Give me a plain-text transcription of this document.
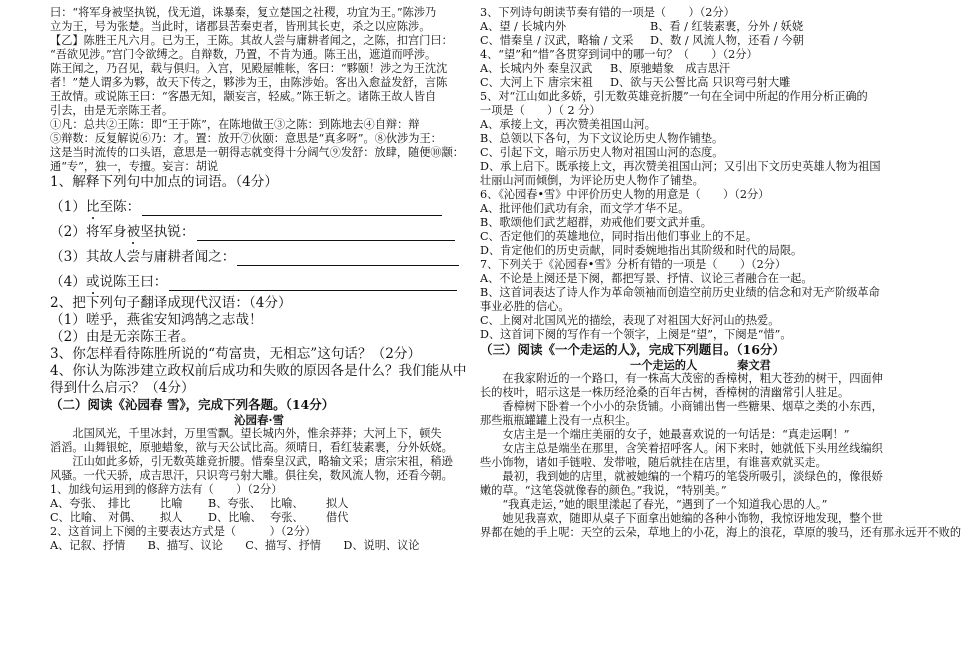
曰：“将军身被坚执锐，伐无道，诛暴秦，复立楚国之社稷，功宜为王。”陈涉乃
立为王，号为张楚。当此时，诸郡县苦秦吏者，皆刑其长吏，杀之以应陈涉。
【乙】陈胜王凡六月。已为王，王陈。其故人尝与庸耕者闻之，之陈，扣宫门曰：
“吾欲见涉。”宫门令欲缚之。自辩数，乃置，不肯为通。陈王出，遮道而呼涉。
陈王闻之，乃召见，载与俱归。入宫，见殿屋帷帐，客曰：“夥颐！涉之为王沈沈
者！”楚人谓多为夥，故天下传之，夥涉为王，由陈涉始。客出入愈益发舒，言陈
王故情。或说陈王曰：“客愚无知，颛妄言，轻威。”陈王斩之。诸陈王故人皆自
引去，由是无亲陈王者。
①凡：总共②王陈：即“王于陈”，在陈地做王③之陈：到陈地去④自辩：辩
⑤辩数：反复解说⑥乃：才。置：放开⑦伙颐：意思是“真多呀”。⑧伙涉为王：
这是当时流传的口头语，意思是一朝得志就变得十分阔气⑨发舒：放肆，随便⑩颛：
通“专”，独一，专擅。妄言：胡说
1、解释下列句中加点的词语。（4分）
（1） 比 至陈：
（2）将军身 被 坚执锐：
（3）其故人尝与庸耕者闻之：
（4） 或 说陈王曰：
2、把下列句子翻译成现代汉语：（4分）
（1）嗟乎，燕雀安知鸿鹄之志哉！
（2）由是无亲陈王者。
3、你怎样看待陈胜所说的“苟富贵，无相忘”这句话？（2分）
4、你认为陈涉建立政权前后成功和失败的原因各是什么？我们能从中
得到什么启示？（4分）
（二）阅读《沁园春 雪》，完成下列各题。（14分）
沁园春·雪
北国风光，千里冰封，万里雪飘。望长城内外，惟余莽莽；大河上下，顿失
滔滔。山舞银蛇，原驰蜡象，欲与天公试比高。须晴日，看红装素裹，分外妖娆。
江山如此多娇，引无数英雄竞折腰。惜秦皇汉武，略输文采；唐宗宋祖，稍逊
风骚。一代天骄，成吉思汗，只识弯弓射大雕。俱往矣，数风流人物，还看今朝。
1、加线句运用到的修辞方法有（　　）（2分）
A、夸张、 排比	比喻 B、夸张、 比喻、 拟人
C、比喻、 对偶、 拟人 D、比喻、 夸张、 借代
2、这首词上下阕的主要表达方式是（　　　）（2分）
A、记叙、抒情　　B、描写、议论　　C、描写、抒情　　D、说明、议论
3、下列诗句朗读节奏有错的一项是（　　）（2分）
A、望 / 长城内外	B、看 / 红装素裹，分外 / 妖娆
C、惜秦皇 / 汉武，略输 / 文采 D、数 / 风流人物，还看 / 今朝
4、“望”和“惜”各贯穿到词中的哪一句？（　　）（2分）
A、长城内外 秦皇汉武 B、原驰蜡象　成吉思汗
C、大河上下 唐宗宋祖 D、欲与天公誓比高 只识弯弓射大雕
5、对“江山如此多娇，引无数英雄竞折腰”一句在全词中所起的作用分析正确的
一项是（　　）（ 2 分）
A、承接上文，再次赞美祖国山河。
B、总领以下各句，为下文议论历史人物作铺垫。
C、引起下文，暗示历史人物对祖国山河的态度。
D、承上启下。既承接上文，再次赞美祖国山河；又引出下文历史英雄人物为祖国
壮丽山河而倾倒，为评论历史人物作了铺垫。
6、《沁园春•雪》中评价历史人物的用意是（　　）（2分）
A、批评他们武功有余，而文学才华不足。
B、歌颂他们武艺超群，劝戒他们要文武并重。
C、否定他们的英雄地位，同时指出他们事业上的不足。
D、肯定他们的历史贡献，同时委婉地指出其阶级和时代的局限。
7、下列关于《沁园春•雪》分析有错的一项是（　　）（2分）
A、不论是上阕还是下阕，都把写景、抒情、议论三者融合在一起。
B、这首词表达了诗人作为革命领袖而创造空前历史业绩的信念和对无产阶级革命
事业必胜的信心。
C、上阕对北国风光的描绘，表现了对祖国大好河山的热爱。
D、这首词下阕的写作有一个领字，上阕是“望”，下阕是“惜”。
（三）阅读《一个走运的人》，完成下列题目。（16分）
一个走运的人	秦文君
在我家附近的一个路口，有一株高大茂密的香樟树，粗大苍劲的树干，四面伸
长的枝叶，昭示这是一株历经沧桑的百年古树，香樟树的清幽常引人驻足。
香樟树下卧着一个小小的杂货铺。小商铺出售一些糖果、烟草之类的小东西，
那些瓶瓶罐罐上没有一点积尘。
女店主是一个端庄美丽的女子，她最喜欢说的一句话是：“真走运啊！”
女店主总是端坐在那里，含笑着招呼客人。闲下来时，她就低下头用丝线编织
些小饰物，诸如手链啦、发带啦，随后就挂在店里，有谁喜欢就买走。
最初，我到她的店里，就被她编的一个精巧的笔袋所吸引，淡绿色的，像很娇
嫩的草。“这笔袋就像春的颜色。”我说，“特别美。”
“我真走运，”她的眼里漾起了春光，“遇到了一个知道我心思的人。”
她见我喜欢，随即从桌子下面拿出她编的各种小饰物，我惊讶地发现，整个世
界都在她的手上呢：天空的云朵，草地上的小花，海上的浪花，草原的骏马，还有那永远开不败的
